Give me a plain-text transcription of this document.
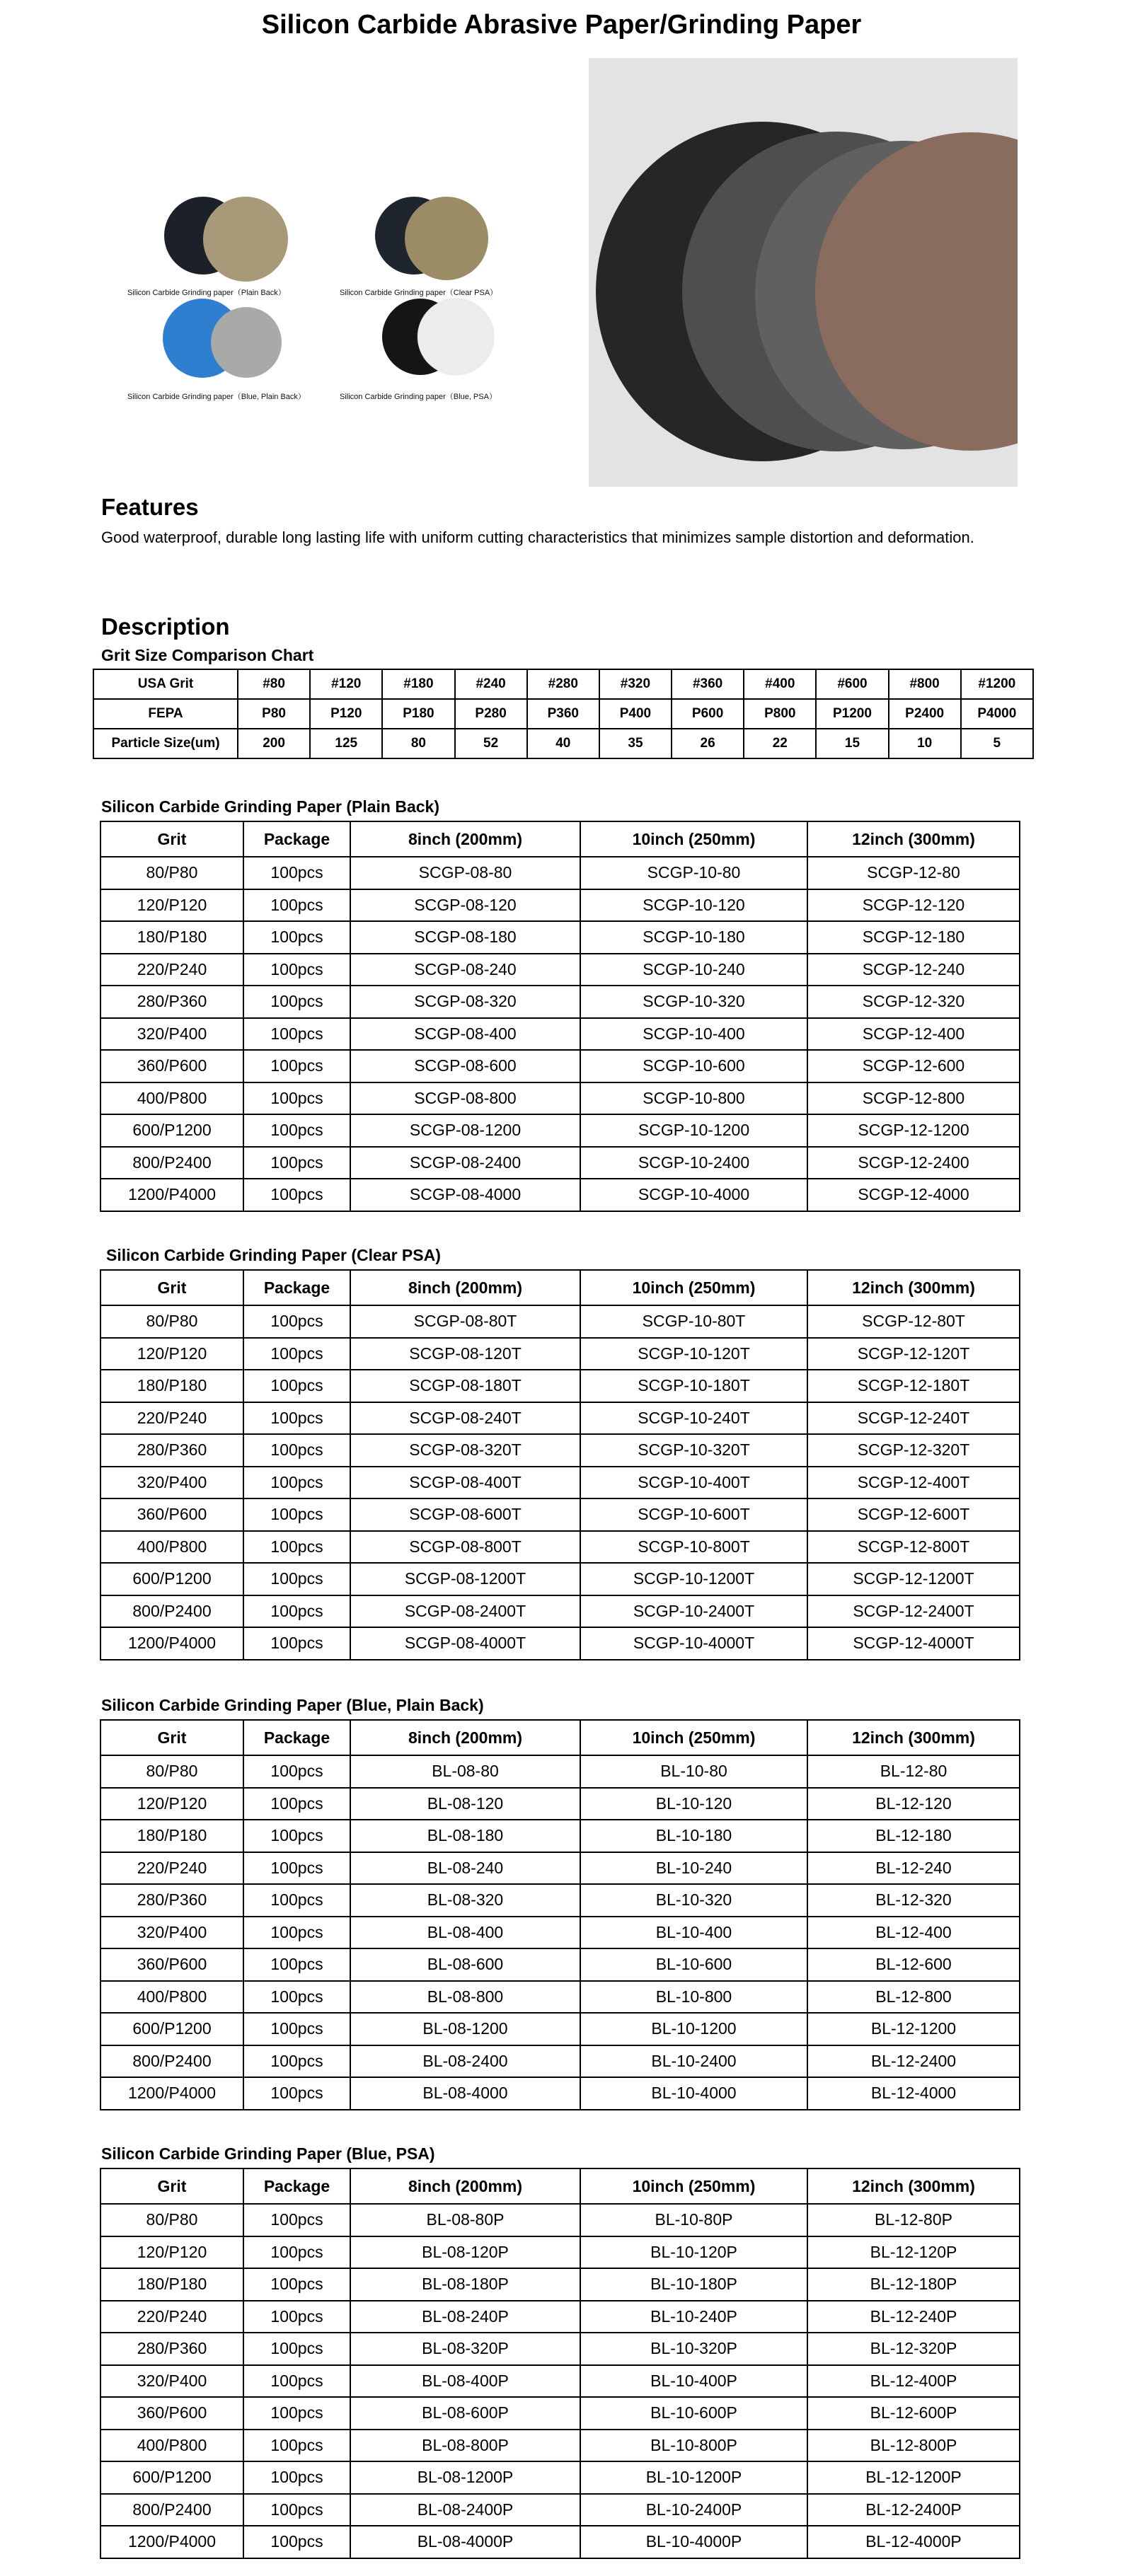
Silicon Carbide Abrasive Paper/Grinding Paper
Silicon Carbide Grinding paper（Plain Back）	Silicon Carbide Grinding paper（Clear PSA）
Silicon Carbide Grinding paper（Blue, Plain Back）	Silicon Carbide Grinding paper（Blue, PSA）
Features
Good waterproof, durable long lasting life with uniform cutting characteristics that minimizes sample distortion and deformation.
Description
Grit Size Comparison Chart
USA Grit	#80	#120	#180	#240	#280	#320	#360	#400	#600	#800	#1200
FEPA	P80	P120	P180	P280	P360	P400	P600	P800	P1200	P2400	P4000
Particle Size(um)	200	125	80	52	40	35	26	22	15	10	5
Silicon Carbide Grinding Paper (Plain Back)
Grit	Package	8inch (200mm)	10inch (250mm)	12inch (300mm)
80/P80	100pcs	SCGP-08-80	SCGP-10-80	SCGP-12-80
120/P120	100pcs	SCGP-08-120	SCGP-10-120	SCGP-12-120
180/P180	100pcs	SCGP-08-180	SCGP-10-180	SCGP-12-180
220/P240	100pcs	SCGP-08-240	SCGP-10-240	SCGP-12-240
280/P360	100pcs	SCGP-08-320	SCGP-10-320	SCGP-12-320
320/P400	100pcs	SCGP-08-400	SCGP-10-400	SCGP-12-400
360/P600	100pcs	SCGP-08-600	SCGP-10-600	SCGP-12-600
400/P800	100pcs	SCGP-08-800	SCGP-10-800	SCGP-12-800
600/P1200	100pcs	SCGP-08-1200	SCGP-10-1200	SCGP-12-1200
800/P2400	100pcs	SCGP-08-2400	SCGP-10-2400	SCGP-12-2400
1200/P4000	100pcs	SCGP-08-4000	SCGP-10-4000	SCGP-12-4000
Silicon Carbide Grinding Paper (Clear PSA)
Grit	Package	8inch (200mm)	10inch (250mm)	12inch (300mm)
80/P80	100pcs	SCGP-08-80T	SCGP-10-80T	SCGP-12-80T
120/P120	100pcs	SCGP-08-120T	SCGP-10-120T	SCGP-12-120T
180/P180	100pcs	SCGP-08-180T	SCGP-10-180T	SCGP-12-180T
220/P240	100pcs	SCGP-08-240T	SCGP-10-240T	SCGP-12-240T
280/P360	100pcs	SCGP-08-320T	SCGP-10-320T	SCGP-12-320T
320/P400	100pcs	SCGP-08-400T	SCGP-10-400T	SCGP-12-400T
360/P600	100pcs	SCGP-08-600T	SCGP-10-600T	SCGP-12-600T
400/P800	100pcs	SCGP-08-800T	SCGP-10-800T	SCGP-12-800T
600/P1200	100pcs	SCGP-08-1200T	SCGP-10-1200T	SCGP-12-1200T
800/P2400	100pcs	SCGP-08-2400T	SCGP-10-2400T	SCGP-12-2400T
1200/P4000	100pcs	SCGP-08-4000T	SCGP-10-4000T	SCGP-12-4000T
Silicon Carbide Grinding Paper (Blue, Plain Back)
Grit	Package	8inch (200mm)	10inch (250mm)	12inch (300mm)
80/P80	100pcs	BL-08-80	BL-10-80	BL-12-80
120/P120	100pcs	BL-08-120	BL-10-120	BL-12-120
180/P180	100pcs	BL-08-180	BL-10-180	BL-12-180
220/P240	100pcs	BL-08-240	BL-10-240	BL-12-240
280/P360	100pcs	BL-08-320	BL-10-320	BL-12-320
320/P400	100pcs	BL-08-400	BL-10-400	BL-12-400
360/P600	100pcs	BL-08-600	BL-10-600	BL-12-600
400/P800	100pcs	BL-08-800	BL-10-800	BL-12-800
600/P1200	100pcs	BL-08-1200	BL-10-1200	BL-12-1200
800/P2400	100pcs	BL-08-2400	BL-10-2400	BL-12-2400
1200/P4000	100pcs	BL-08-4000	BL-10-4000	BL-12-4000
Silicon Carbide Grinding Paper (Blue, PSA)
Grit	Package	8inch (200mm)	10inch (250mm)	12inch (300mm)
80/P80	100pcs	BL-08-80P	BL-10-80P	BL-12-80P
120/P120	100pcs	BL-08-120P	BL-10-120P	BL-12-120P
180/P180	100pcs	BL-08-180P	BL-10-180P	BL-12-180P
220/P240	100pcs	BL-08-240P	BL-10-240P	BL-12-240P
280/P360	100pcs	BL-08-320P	BL-10-320P	BL-12-320P
320/P400	100pcs	BL-08-400P	BL-10-400P	BL-12-400P
360/P600	100pcs	BL-08-600P	BL-10-600P	BL-12-600P
400/P800	100pcs	BL-08-800P	BL-10-800P	BL-12-800P
600/P1200	100pcs	BL-08-1200P	BL-10-1200P	BL-12-1200P
800/P2400	100pcs	BL-08-2400P	BL-10-2400P	BL-12-2400P
1200/P4000	100pcs	BL-08-4000P	BL-10-4000P	BL-12-4000P
